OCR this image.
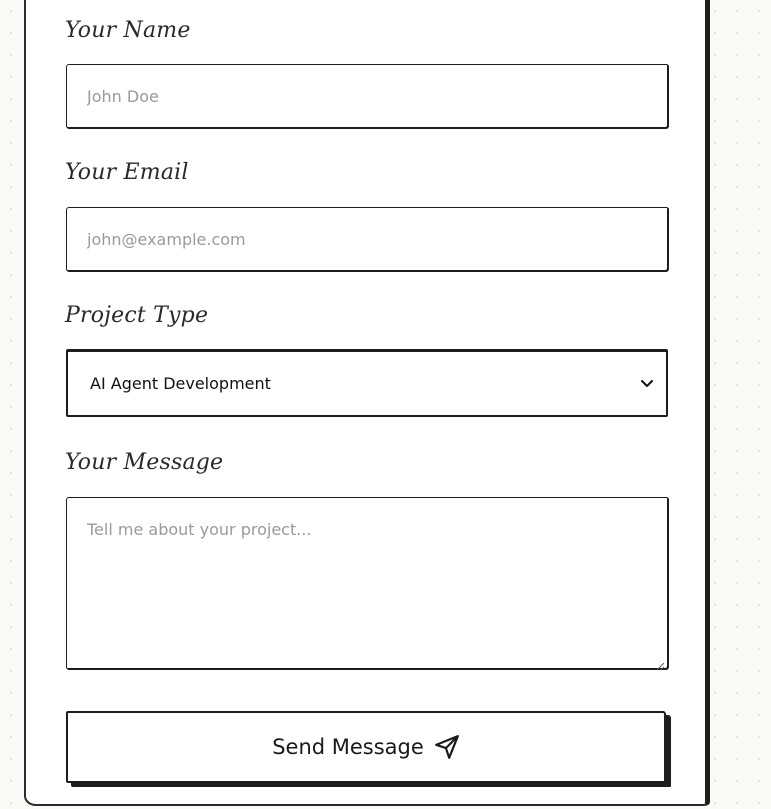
Your Name
John Doe
Your Email
john@example.com
Project Type
AI Agent Development
Your Message
Tell me about your project...
Send Message
